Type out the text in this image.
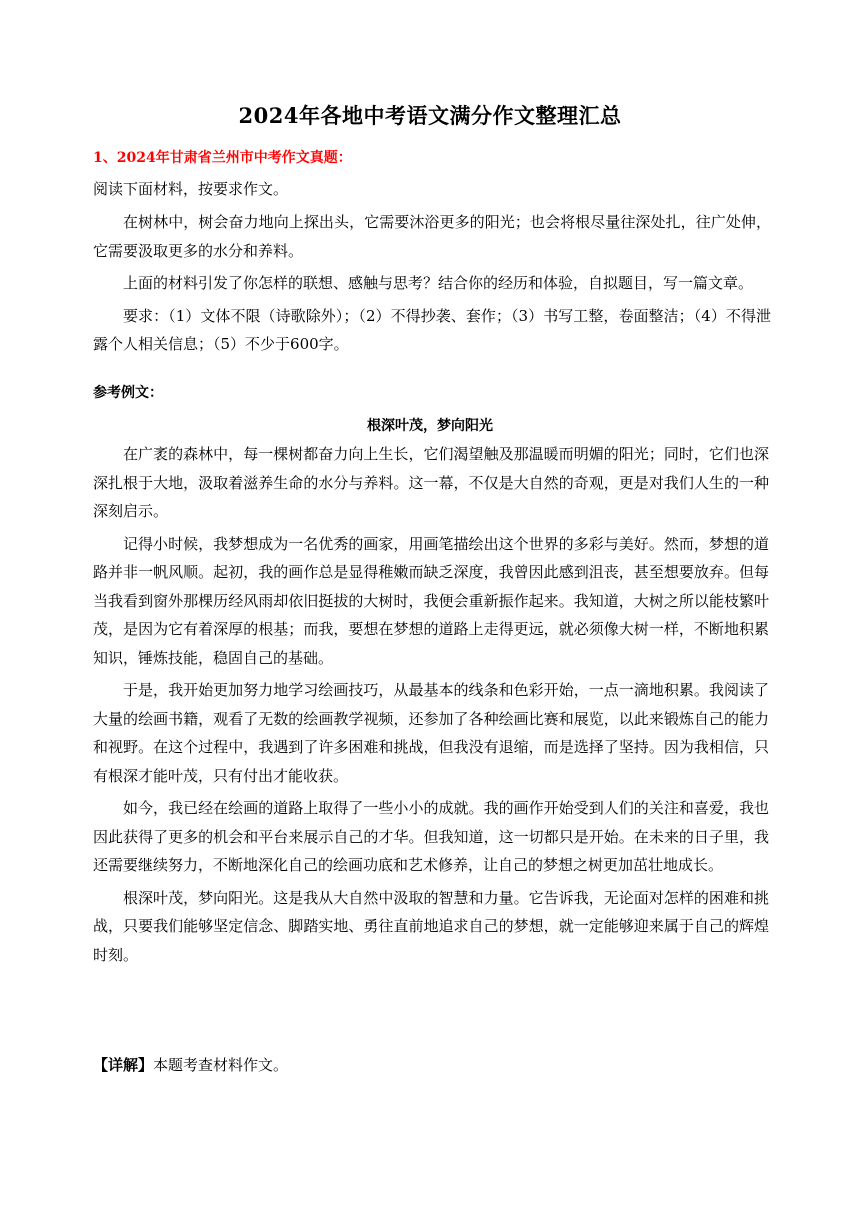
2024年各地中考语文满分作文整理汇总
1、2024年甘肃省兰州市中考作文真题：
阅读下面材料，按要求作文。

在树林中，树会奋力地向上探出头，它需要沐浴更多的阳光；也会将根尽量往深处扎，往广处伸，它需要汲取更多的水分和养料。

上面的材料引发了你怎样的联想、感触与思考？结合你的经历和体验，自拟题目，写一篇文章。

要求：（1）文体不限（诗歌除外）；（2）不得抄袭、套作；（3）书写工整，卷面整洁；（4）不得泄露个人相关信息；（5）不少于600字。

参考例文：
根深叶茂，梦向阳光

在广袤的森林中，每一棵树都奋力向上生长，它们渴望触及那温暖而明媚的阳光；同时，它们也深深扎根于大地，汲取着滋养生命的水分与养料。这一幕，不仅是大自然的奇观，更是对我们人生的一种深刻启示。

记得小时候，我梦想成为一名优秀的画家，用画笔描绘出这个世界的多彩与美好。然而，梦想的道路并非一帆风顺。起初，我的画作总是显得稚嫩而缺乏深度，我曾因此感到沮丧，甚至想要放弃。但每当我看到窗外那棵历经风雨却依旧挺拔的大树时，我便会重新振作起来。我知道，大树之所以能枝繁叶茂，是因为它有着深厚的根基；而我，要想在梦想的道路上走得更远，就必须像大树一样，不断地积累知识，锤炼技能，稳固自己的基础。

于是，我开始更加努力地学习绘画技巧，从最基本的线条和色彩开始，一点一滴地积累。我阅读了大量的绘画书籍，观看了无数的绘画教学视频，还参加了各种绘画比赛和展览，以此来锻炼自己的能力和视野。在这个过程中，我遇到了许多困难和挑战，但我没有退缩，而是选择了坚持。因为我相信，只有根深才能叶茂，只有付出才能收获。

如今，我已经在绘画的道路上取得了一些小小的成就。我的画作开始受到人们的关注和喜爱，我也因此获得了更多的机会和平台来展示自己的才华。但我知道，这一切都只是开始。在未来的日子里，我还需要继续努力，不断地深化自己的绘画功底和艺术修养，让自己的梦想之树更加茁壮地成长。

根深叶茂，梦向阳光。这是我从大自然中汲取的智慧和力量。它告诉我，无论面对怎样的困难和挑战，只要我们能够坚定信念、脚踏实地、勇往直前地追求自己的梦想，就一定能够迎来属于自己的辉煌时刻。

【详解】本题考查材料作文。
